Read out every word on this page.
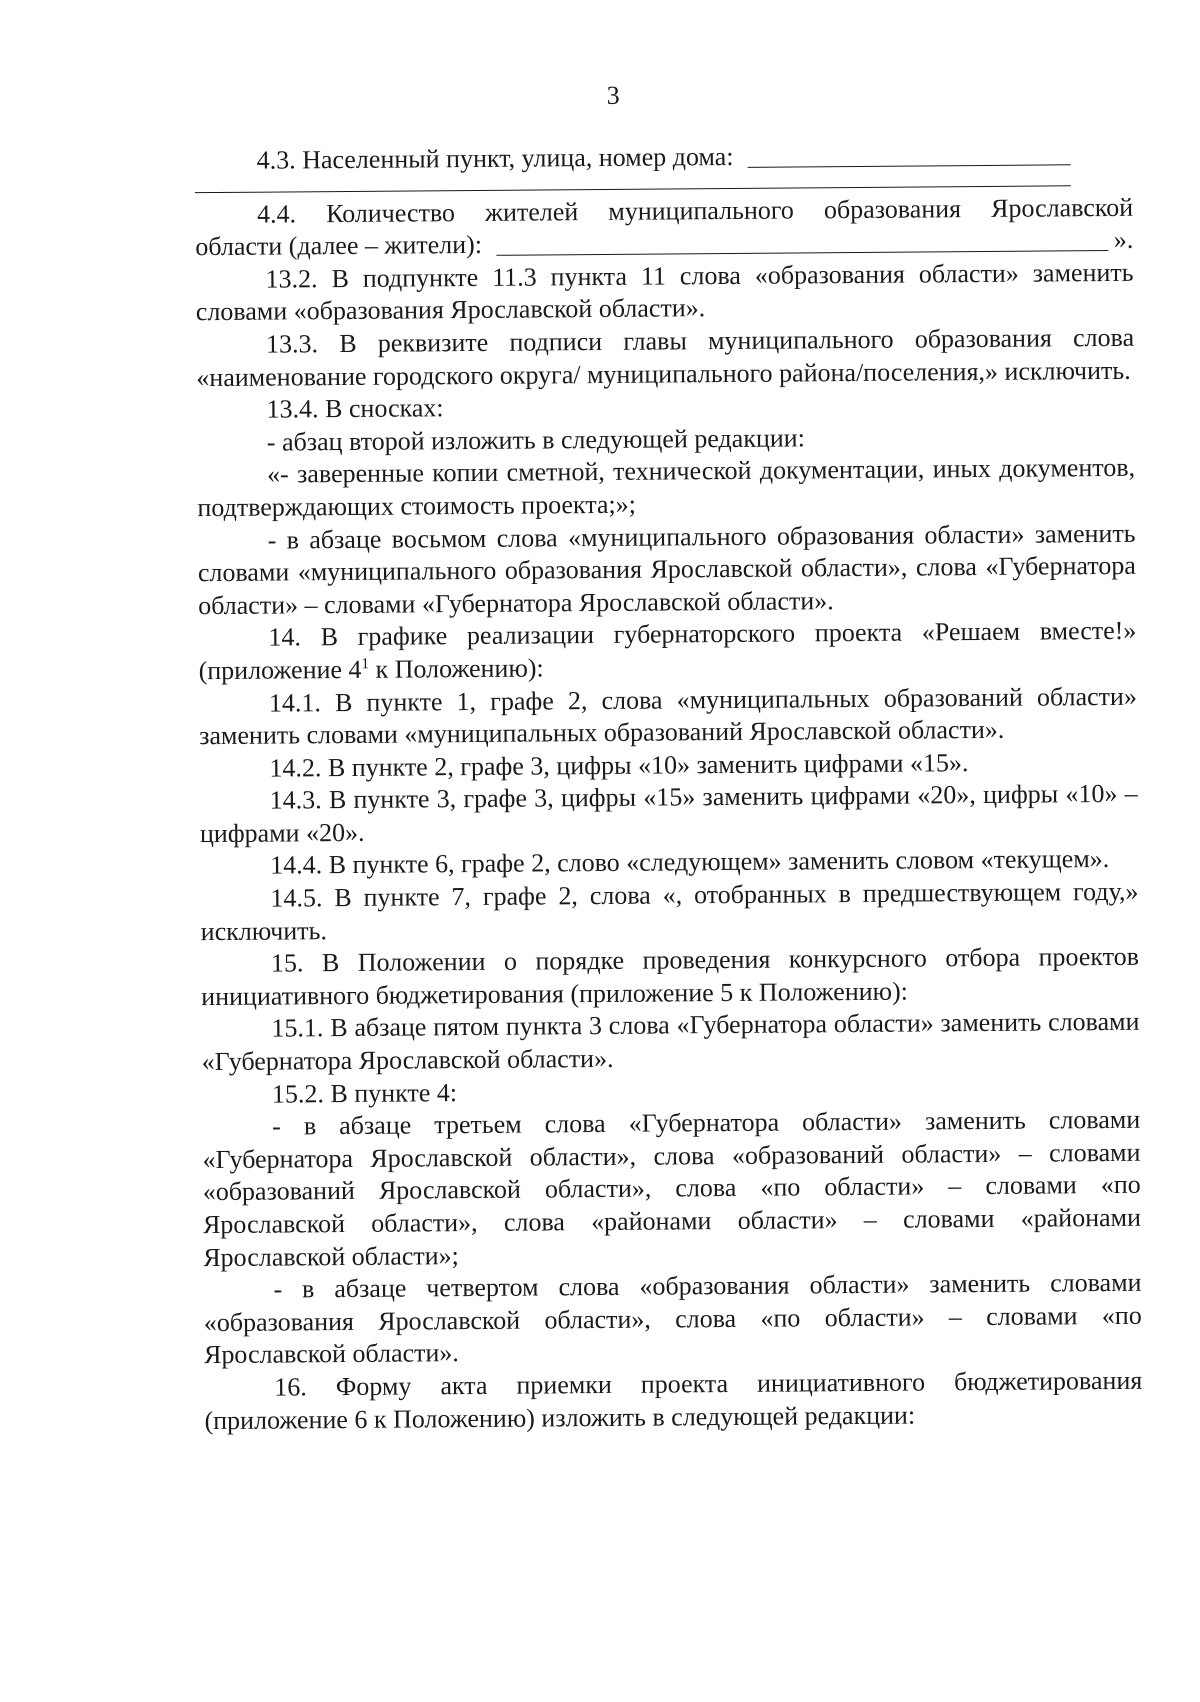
3
4.3. Населенный пункт, улица, номер дома:
4.4. Количество жителей муниципального образования Ярославской
области (далее – жители):	».

13.2. В подпункте 11.3 пункта 11 слова «образования области» заменить словами «образования Ярославской области».

13.3. В реквизите подписи главы муниципального образования слова «наименование городского округа/ муниципального района/поселения,» исключить.

13.4. В сносках:

- абзац второй изложить в следующей редакции:

«- заверенные копии сметной, технической документации, иных документов, подтверждающих стоимость проекта;»;

- в абзаце восьмом слова «муниципального образования области» заменить словами «муниципального образования Ярославской области», слова «Губернатора области» – словами «Губернатора Ярославской области».

14. В графике реализации губернаторского проекта «Решаем вместе!» (приложение $4^1$ к Положению):

14.1. В пункте 1, графе 2, слова «муниципальных образований области» заменить словами «муниципальных образований Ярославской области».

14.2. В пункте 2, графе 3, цифры «10» заменить цифрами «15».

14.3. В пункте 3, графе 3, цифры «15» заменить цифрами «20», цифры «10» – цифрами «20».

14.4. В пункте 6, графе 2, слово «следующем» заменить словом «текущем».

14.5. В пункте 7, графе 2, слова «, отобранных в предшествующем году,» исключить.

15. В Положении о порядке проведения конкурсного отбора проектов инициативного бюджетирования (приложение 5 к Положению):

15.1. В абзаце пятом пункта 3 слова «Губернатора области» заменить словами «Губернатора Ярославской области».

15.2. В пункте 4:

- в абзаце третьем слова «Губернатора области» заменить словами «Губернатора Ярославской области», слова «образований области» – словами «образований Ярославской области», слова «по области» – словами «по Ярославской области», слова «районами области» – словами «районами Ярославской области»;

- в абзаце четвертом слова «образования области» заменить словами «образования Ярославской области», слова «по области» – словами «по Ярославской области».

16. Форму акта приемки проекта инициативного бюджетирования (приложение 6 к Положению) изложить в следующей редакции:
